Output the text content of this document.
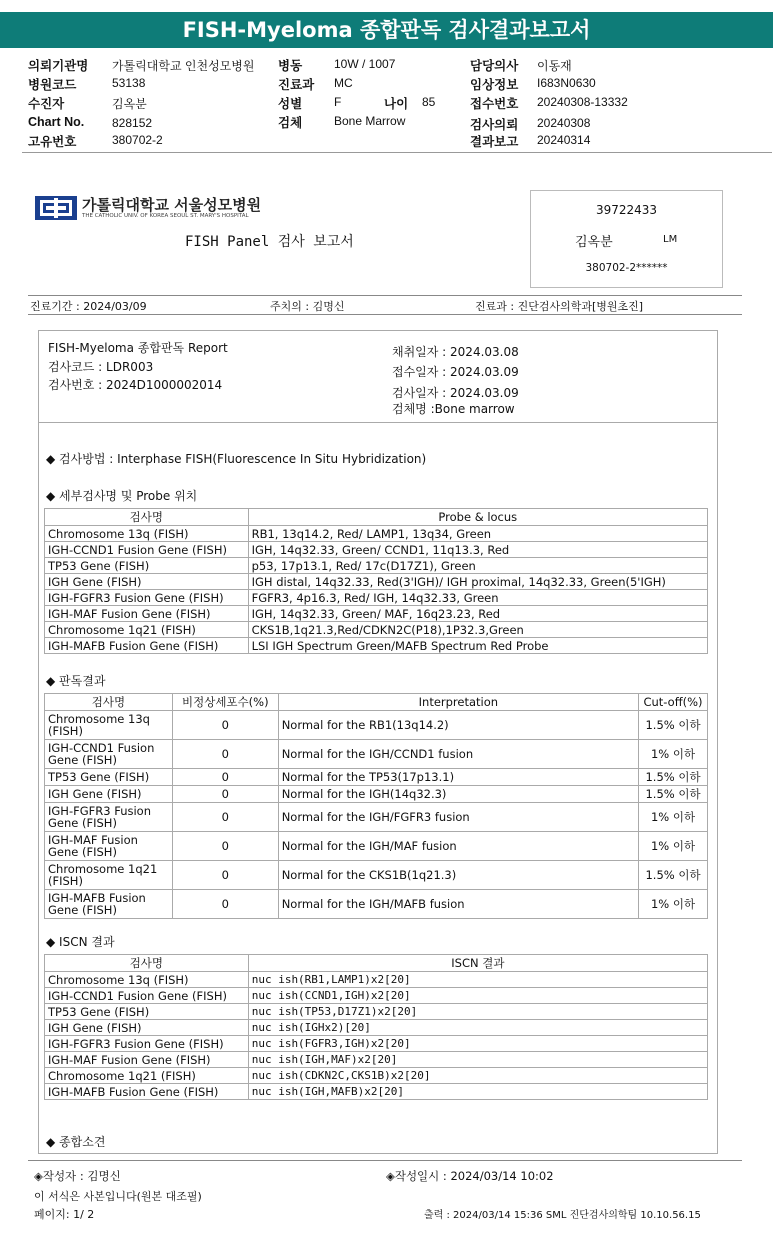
FISH-Myeloma 종합판독 검사결과보고서
의뢰기관명 가톨릭대학교 인천성모병원
병원코드	53138
수진자	김옥분
Chart No. 828152
고유번호	380702-2
병동	10W / 1007
진료과 MC
성별	F	나이 85
검체	Bone Marrow
담당의사 이동재
임상정보 I683N0630
접수번호 20240308-13332
검사의뢰 20240308
결과보고 20240314
가톨릭대학교 서울성모병원
THE CATHOLIC UNIV. OF KOREA SEOUL ST. MARY'S HOSPITAL
FISH Panel 검사 보고서
39722433
김옥분	LM
380702-2******
진료기간 : 2024/03/09	주치의 : 김명신	진료과 : 진단검사의학과[병원초진]
FISH-Myeloma 종합판독 Report
검사코드 : LDR003
검사번호 : 2024D1000002014
채취일자 : 2024.03.08
접수일자 : 2024.03.09
검사일자 : 2024.03.09
검체명 :Bone marrow
◆ 검사방법 : Interphase FISH(Fluorescence In Situ Hybridization)
◆ 세부검사명 및 Probe 위치
검사명	Probe & locus
Chromosome 13q (FISH)	RB1, 13q14.2, Red/ LAMP1, 13q34, Green
IGH-CCND1 Fusion Gene (FISH)	IGH, 14q32.33, Green/ CCND1, 11q13.3, Red
TP53 Gene (FISH)	p53, 17p13.1, Red/ 17c(D17Z1), Green
IGH Gene (FISH)	IGH distal, 14q32.33, Red(3'IGH)/ IGH proximal, 14q32.33, Green(5'IGH)
IGH-FGFR3 Fusion Gene (FISH)	FGFR3, 4p16.3, Red/ IGH, 14q32.33, Green
IGH-MAF Fusion Gene (FISH)	IGH, 14q32.33, Green/ MAF, 16q23.23, Red
Chromosome 1q21 (FISH)	CKS1B,1q21.3,Red/CDKN2C(P18),1P32.3,Green
IGH-MAFB Fusion Gene (FISH)	LSI IGH Spectrum Green/MAFB Spectrum Red Probe
◆ 판독결과
검사명	비정상세포수(%)	Interpretation	Cut-off(%)
Chromosome 13q (FISH)	0	Normal for the RB1(13q14.2)	1.5% 이하
IGH-CCND1 Fusion Gene (FISH)	0	Normal for the IGH/CCND1 fusion	1% 이하
TP53 Gene (FISH)	0	Normal for the TP53(17p13.1)	1.5% 이하
IGH Gene (FISH)	0	Normal for the IGH(14q32.3)	1.5% 이하
IGH-FGFR3 Fusion Gene (FISH)	0	Normal for the IGH/FGFR3 fusion	1% 이하
IGH-MAF Fusion Gene (FISH)	0	Normal for the IGH/MAF fusion	1% 이하
Chromosome 1q21 (FISH)	0	Normal for the CKS1B(1q21.3)	1.5% 이하
IGH-MAFB Fusion Gene (FISH)	0	Normal for the IGH/MAFB fusion	1% 이하
◆ ISCN 결과
검사명	ISCN 결과
Chromosome 13q (FISH)	nuc ish(RB1,LAMP1)x2[20]
IGH-CCND1 Fusion Gene (FISH)	nuc ish(CCND1,IGH)x2[20]
TP53 Gene (FISH)	nuc ish(TP53,D17Z1)x2[20]
IGH Gene (FISH)	nuc ish(IGHx2)[20]
IGH-FGFR3 Fusion Gene (FISH)	nuc ish(FGFR3,IGH)x2[20]
IGH-MAF Fusion Gene (FISH)	nuc ish(IGH,MAF)x2[20]
Chromosome 1q21 (FISH)	nuc ish(CDKN2C,CKS1B)x2[20]
IGH-MAFB Fusion Gene (FISH)	nuc ish(IGH,MAFB)x2[20]
◆ 종합소견
◈작성자 : 김명신	◈작성일시 : 2024/03/14 10:02
이 서식은 사본입니다(원본 대조필)
페이지: 1/ 2	출력 : 2024/03/14 15:36 SML 진단검사의학팀 10.10.56.15
